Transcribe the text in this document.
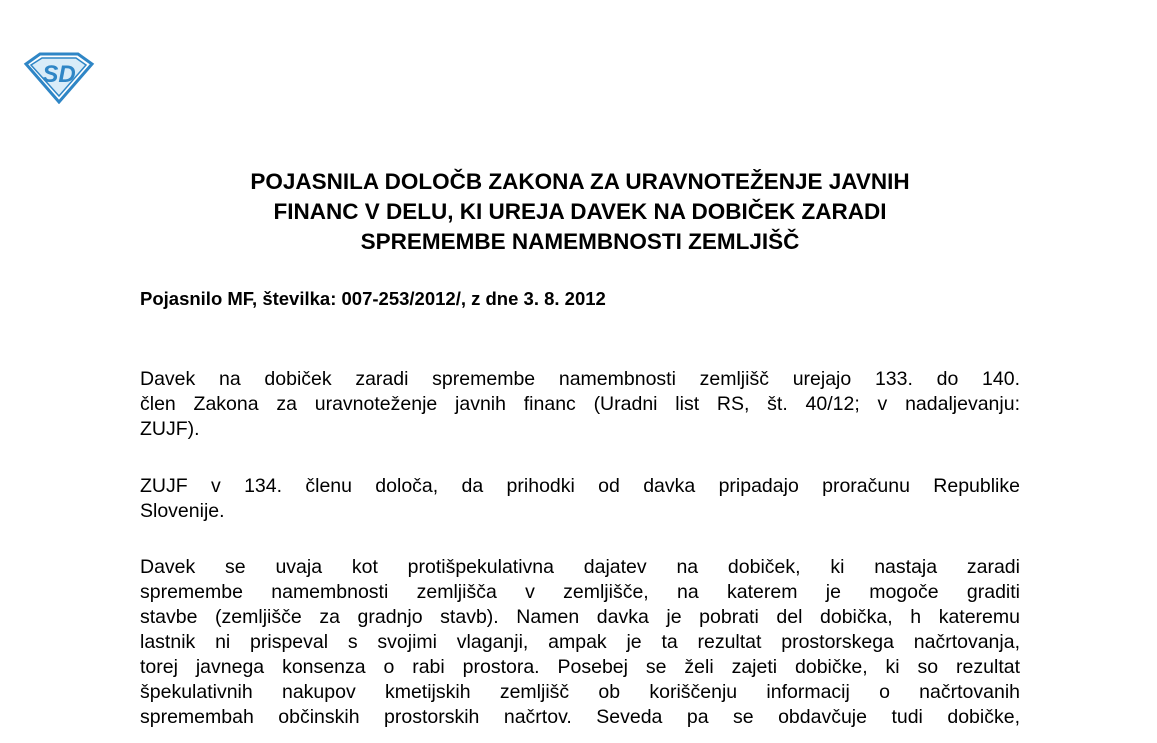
SD
POJASNILA DOLOČB ZAKONA ZA URAVNOTEŽENJE JAVNIH
FINANC V DELU, KI UREJA DAVEK NA DOBIČEK ZARADI
SPREMEMBE NAMEMBNOSTI ZEMLJIŠČ

Pojasnilo MF, številka: 007-253/2012/, z dne 3. 8. 2012

Davek na dobiček zaradi spremembe namembnosti zemljišč urejajo 133. do 140.
člen Zakona za uravnoteženje javnih financ (Uradni list RS, št. 40/12; v nadaljevanju:
ZUJF).

ZUJF v 134. členu določa, da prihodki od davka pripadajo proračunu Republike
Slovenije.

Davek se uvaja kot protišpekulativna dajatev na dobiček, ki nastaja zaradi
spremembe namembnosti zemljišča v zemljišče, na katerem je mogoče graditi
stavbe (zemljišče za gradnjo stavb). Namen davka je pobrati del dobička, h kateremu
lastnik ni prispeval s svojimi vlaganji, ampak je ta rezultat prostorskega načrtovanja,
torej javnega konsenza o rabi prostora. Posebej se želi zajeti dobičke, ki so rezultat
špekulativnih nakupov kmetijskih zemljišč ob koriščenju informacij o načrtovanih
spremembah občinskih prostorskih načrtov. Seveda pa se obdavčuje tudi dobičke,
